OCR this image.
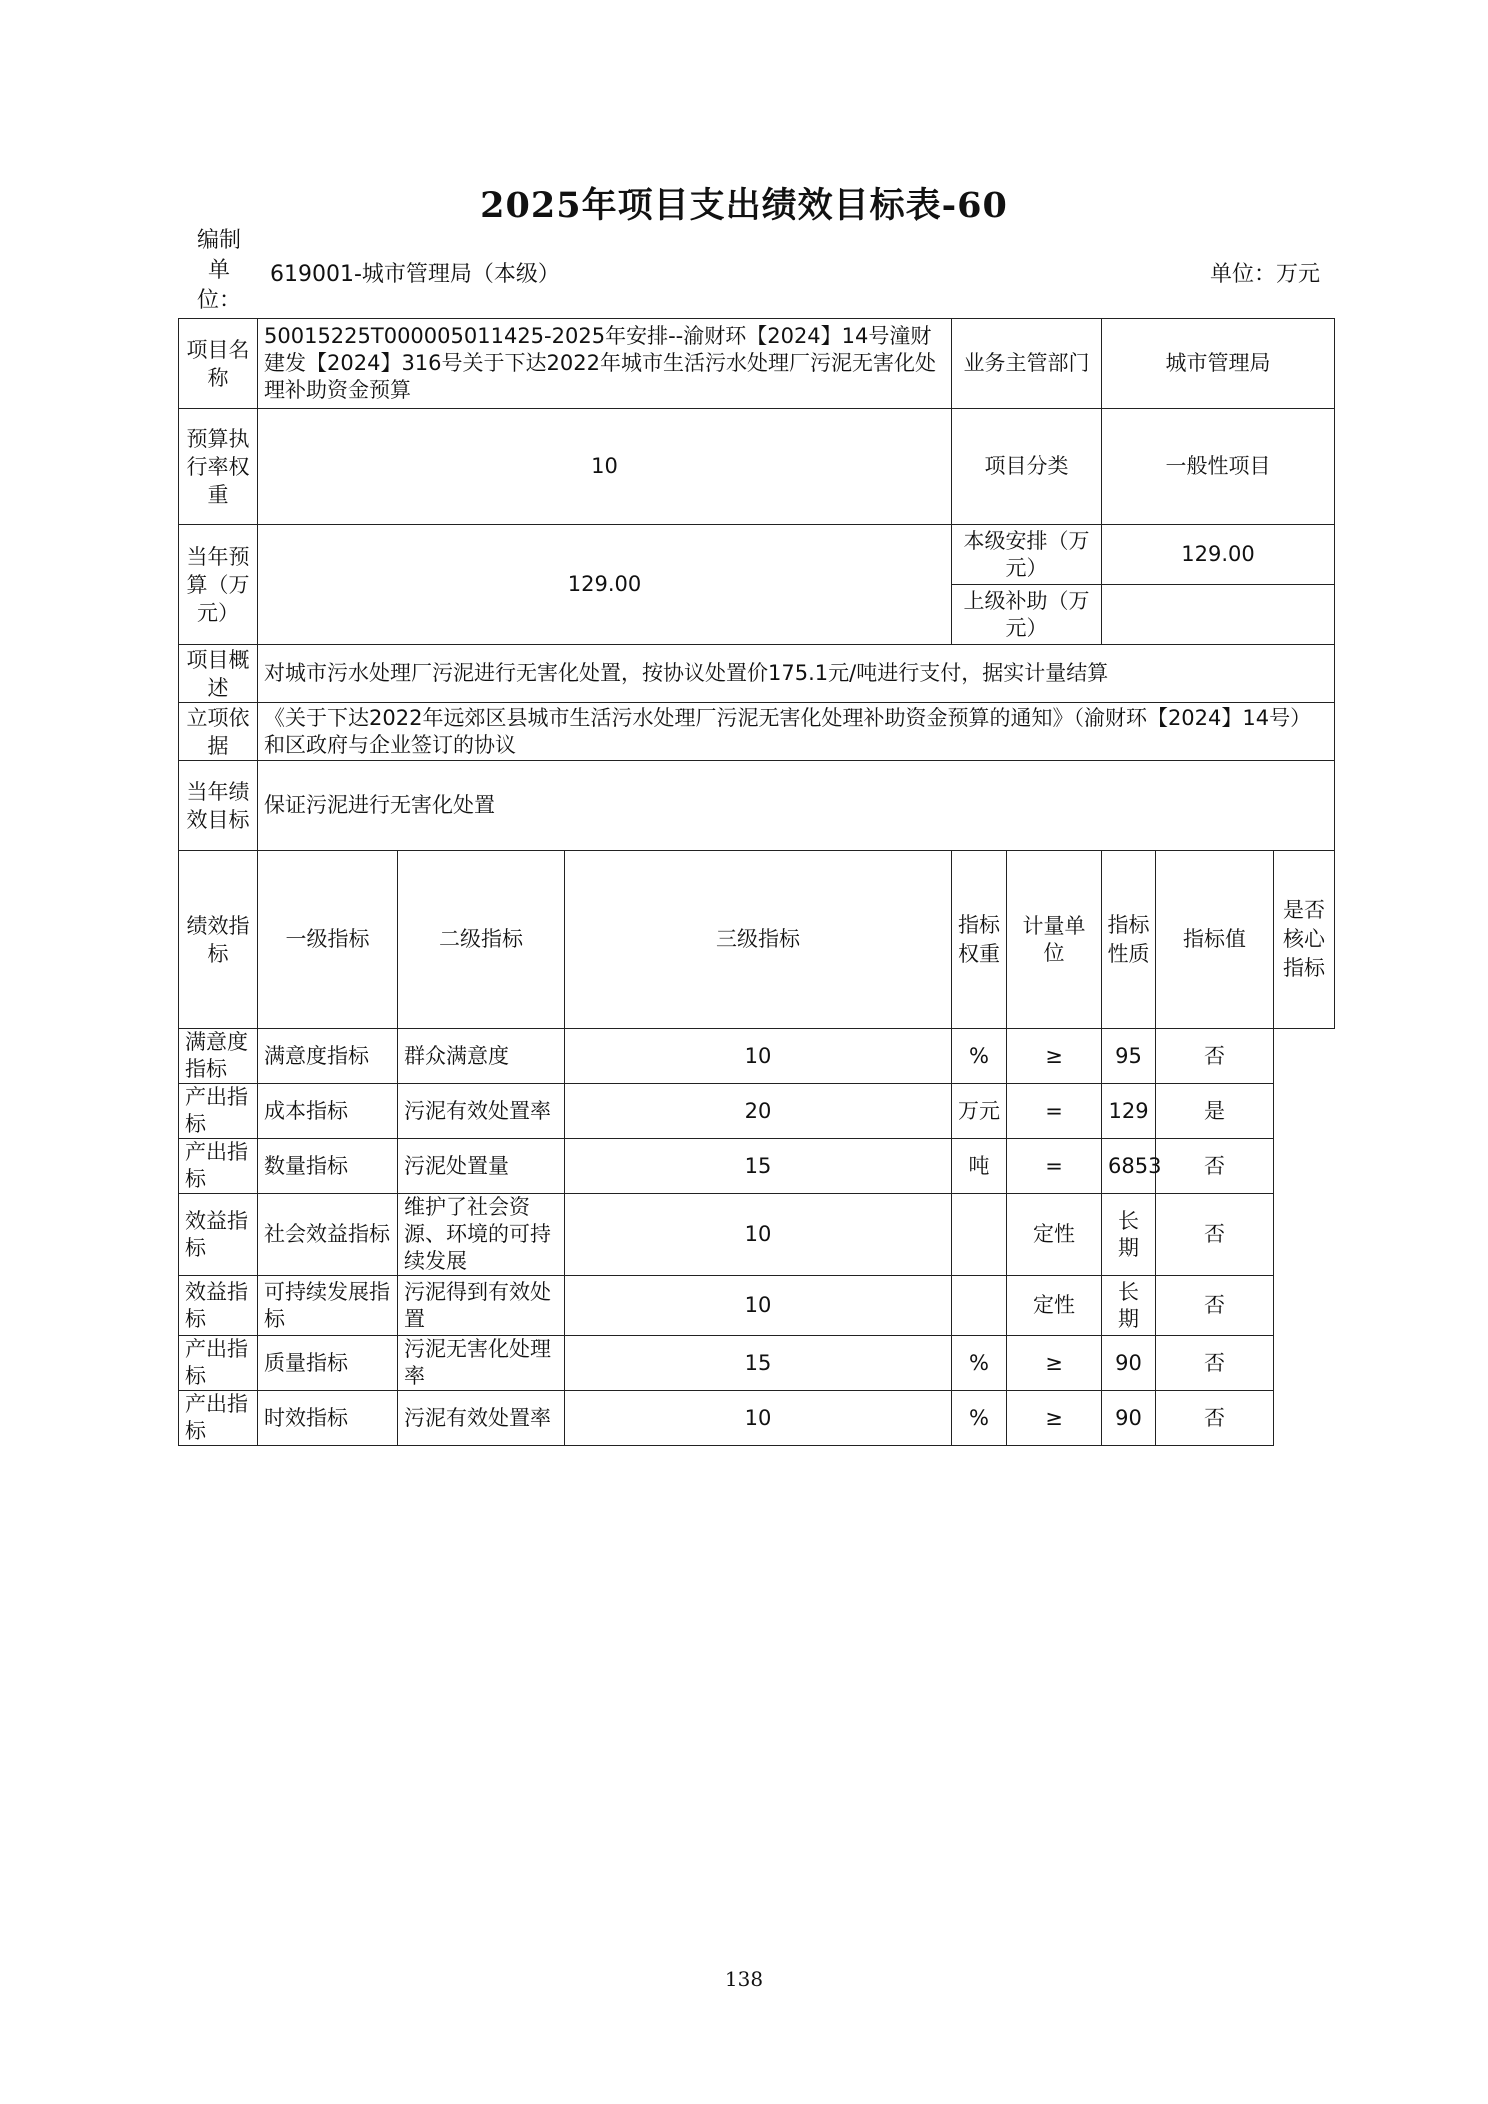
2025年项目支出绩效目标表-60
编制单位：
619001-城市管理局（本级）	单位：万元
项目名称	50015225T000005011425-2025年安排--渝财环【2024】14号潼财建发【2024】316号关于下达2022年城市生活污水处理厂污泥无害化处理补助资金预算			业务主管部门		城市管理局		
预算执行率权重	10			项目分类		一般性项目		
当年预算（万元）	129.00			本级安排（万元）		129.00		
				上级补助（万元）				
项目概述	对城市污水处理厂污泥进行无害化处置，按协议处置价175.1元/吨进行支付，据实计量结算							
立项依据	《关于下达2022年远郊区县城市生活污水处理厂污泥无害化处理补助资金预算的通知》（渝财环【2024】14号）和区政府与企业签订的协议							
当年绩效目标	保证污泥进行无害化处置							
绩效指标	一级指标	二级指标	三级指标	指标权重	计量单位	指标性质	指标值	是否核心指标
满意度指标	满意度指标	群众满意度	10	%	≥	95	否	
产出指标	成本指标	污泥有效处置率	20	万元	=	129	是	
产出指标	数量指标	污泥处置量	15	吨	=	6853	否	
效益指标	社会效益指标	维护了社会资源、环境的可持续发展	10		定性	长期	否	
效益指标	可持续发展指标	污泥得到有效处置	10		定性	长期	否	
产出指标	质量指标	污泥无害化处理率	15	%	≥	90	否	
产出指标	时效指标	污泥有效处置率	10	%	≥	90	否	
138
